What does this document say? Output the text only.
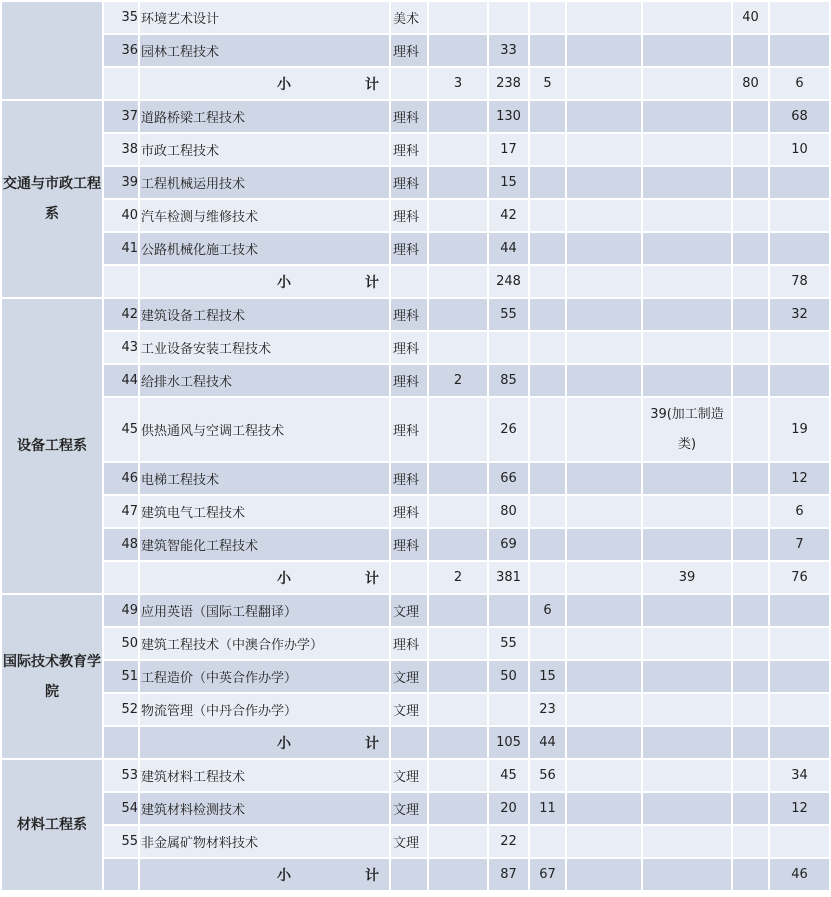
	35	环境艺术设计	美术						40	
	36	园林工程技术	理科		33					
		小 计		3	238	5			80	6
交通与市政工程系	37	道路桥梁工程技术	理科		130					68
	38	市政工程技术	理科		17					10
	39	工程机械运用技术	理科		15					
	40	汽车检测与维修技术	理科		42					
	41	公路机械化施工技术	理科		44					
		小 计			248					78
设备工程系	42	建筑设备工程技术	理科		55					32
	43	工业设备安装工程技术	理科							
	44	给排水工程技术	理科	2	85					
	45	供热通风与空调工程技术	理科		26			39(加工制造类)		19
	46	电梯工程技术	理科		66					12
	47	建筑电气工程技术	理科		80					6
	48	建筑智能化工程技术	理科		69					7
		小 计		2	381			39		76
国际技术教育学院	49	应用英语（国际工程翻译）	文理			6				
	50	建筑工程技术（中澳合作办学）	理科		55					
	51	工程造价（中英合作办学）	文理		50	15				
	52	物流管理（中丹合作办学）	文理			23				
		小 计			105	44				
材料工程系	53	建筑材料工程技术	文理		45	56				34
	54	建筑材料检测技术	文理		20	11				12
	55	非金属矿物材料技术	文理		22					
		小 计			87	67				46
